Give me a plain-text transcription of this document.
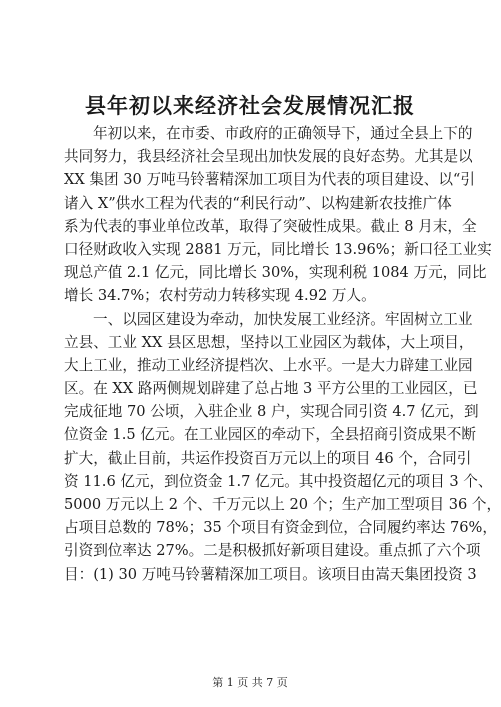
县年初以来经济社会发展情况汇报
年初以来，在市委、市政府的正确领导下，通过全县上下的
共同努力，我县经济社会呈现出加快发展的良好态势。尤其是以
XX 集团 30 万吨马铃薯精深加工项目为代表的项目建设、以“引
诸入 X”供水工程为代表的“利民行动”、以构建新农技推广体
系为代表的事业单位改革，取得了突破性成果。截止 8 月末，全
口径财政收入实现 2881 万元，同比增长 13.96%；新口径工业实
现总产值 2.1 亿元，同比增长 30%，实现利税 1084 万元，同比
增长 34.7%；农村劳动力转移实现 4.92 万人。
一、以园区建设为牵动，加快发展工业经济。牢固树立工业
立县、工业 XX 县区思想，坚持以工业园区为载体，大上项目，
大上工业，推动工业经济提档次、上水平。一是大力辟建工业园
区。在 XX 路两侧规划辟建了总占地 3 平方公里的工业园区，已
完成征地 70 公顷，入驻企业 8 户，实现合同引资 4.7 亿元，到
位资金 1.5 亿元。在工业园区的牵动下，全县招商引资成果不断
扩大，截止目前，共运作投资百万元以上的项目 46 个，合同引
资 11.6 亿元，到位资金 1.7 亿元。其中投资超亿元的项目 3 个、
5000 万元以上 2 个、千万元以上 20 个；生产加工型项目 36 个，
占项目总数的 78%；35 个项目有资金到位，合同履约率达 76%，
引资到位率达 27%。二是积极抓好新项目建设。重点抓了六个项
目：(1) 30 万吨马铃薯精深加工项目。该项目由嵩天集团投资 3
第 1 页 共 7 页
